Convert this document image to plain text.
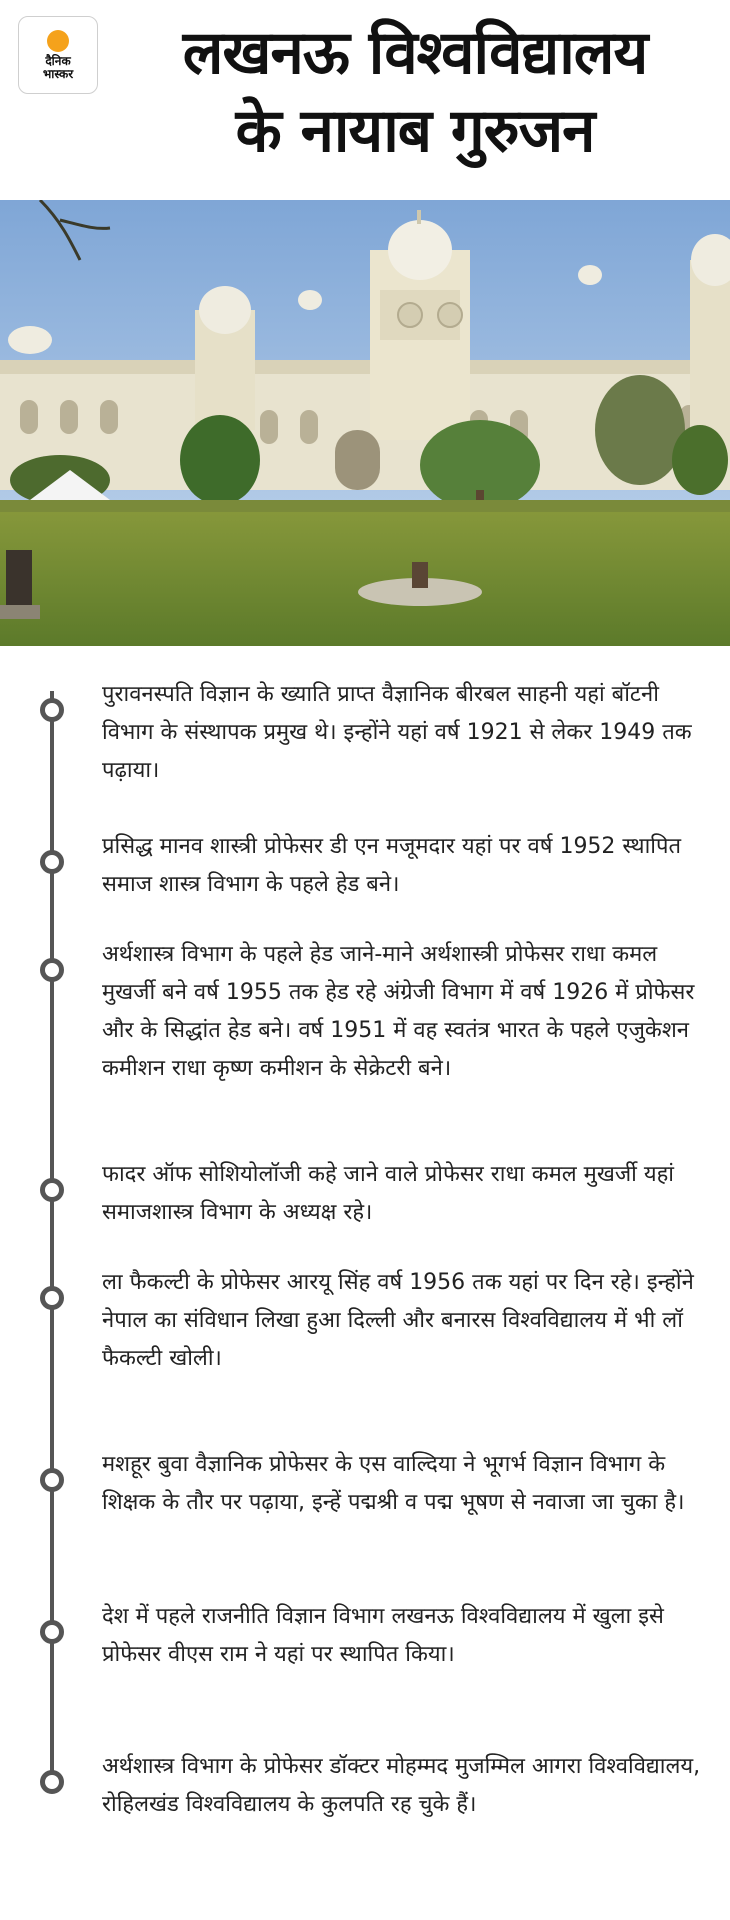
दैनिक
भास्कर	लखनऊ विश्वविद्यालय
के नायाब गुरुजन
पुरावनस्पति विज्ञान के ख्याति प्राप्त वैज्ञानिक बीरबल साहनी यहां बॉटनी विभाग के संस्थापक प्रमुख थे। इन्होंने यहां वर्ष 1921 से लेकर 1949 तक पढ़ाया।
प्रसिद्ध मानव शास्त्री प्रोफेसर डी एन मजूमदार यहां पर वर्ष 1952 स्थापित समाज शास्त्र विभाग के पहले हेड बने।
अर्थशास्त्र विभाग के पहले हेड जाने-माने अर्थशास्त्री प्रोफेसर राधा कमल मुखर्जी बने वर्ष 1955 तक हेड रहे अंग्रेजी विभाग में वर्ष 1926 में प्रोफेसर और के सिद्धांत हेड बने। वर्ष 1951 में वह स्वतंत्र भारत के पहले एजुकेशन कमीशन राधा कृष्ण कमीशन के सेक्रेटरी बने।
फादर ऑफ सोशियोलॉजी कहे जाने वाले प्रोफेसर राधा कमल मुखर्जी यहां समाजशास्त्र विभाग के अध्यक्ष रहे।
ला फैकल्टी के प्रोफेसर आरयू सिंह वर्ष 1956 तक यहां पर दिन रहे। इन्होंने नेपाल का संविधान लिखा हुआ दिल्ली और बनारस विश्वविद्यालय में भी लॉ फैकल्टी खोली।
मशहूर बुवा वैज्ञानिक प्रोफेसर के एस वाल्दिया ने भूगर्भ विज्ञान विभाग के शिक्षक के तौर पर पढ़ाया, इन्हें पद्मश्री व पद्म भूषण से नवाजा जा चुका है।
देश में पहले राजनीति विज्ञान विभाग लखनऊ विश्वविद्यालय में खुला इसे प्रोफेसर वीएस राम ने यहां पर स्थापित किया।
अर्थशास्त्र विभाग के प्रोफेसर डॉक्टर मोहम्मद मुजम्मिल आगरा विश्वविद्यालय, रोहिलखंड विश्वविद्यालय के कुलपति रह चुके हैं।
